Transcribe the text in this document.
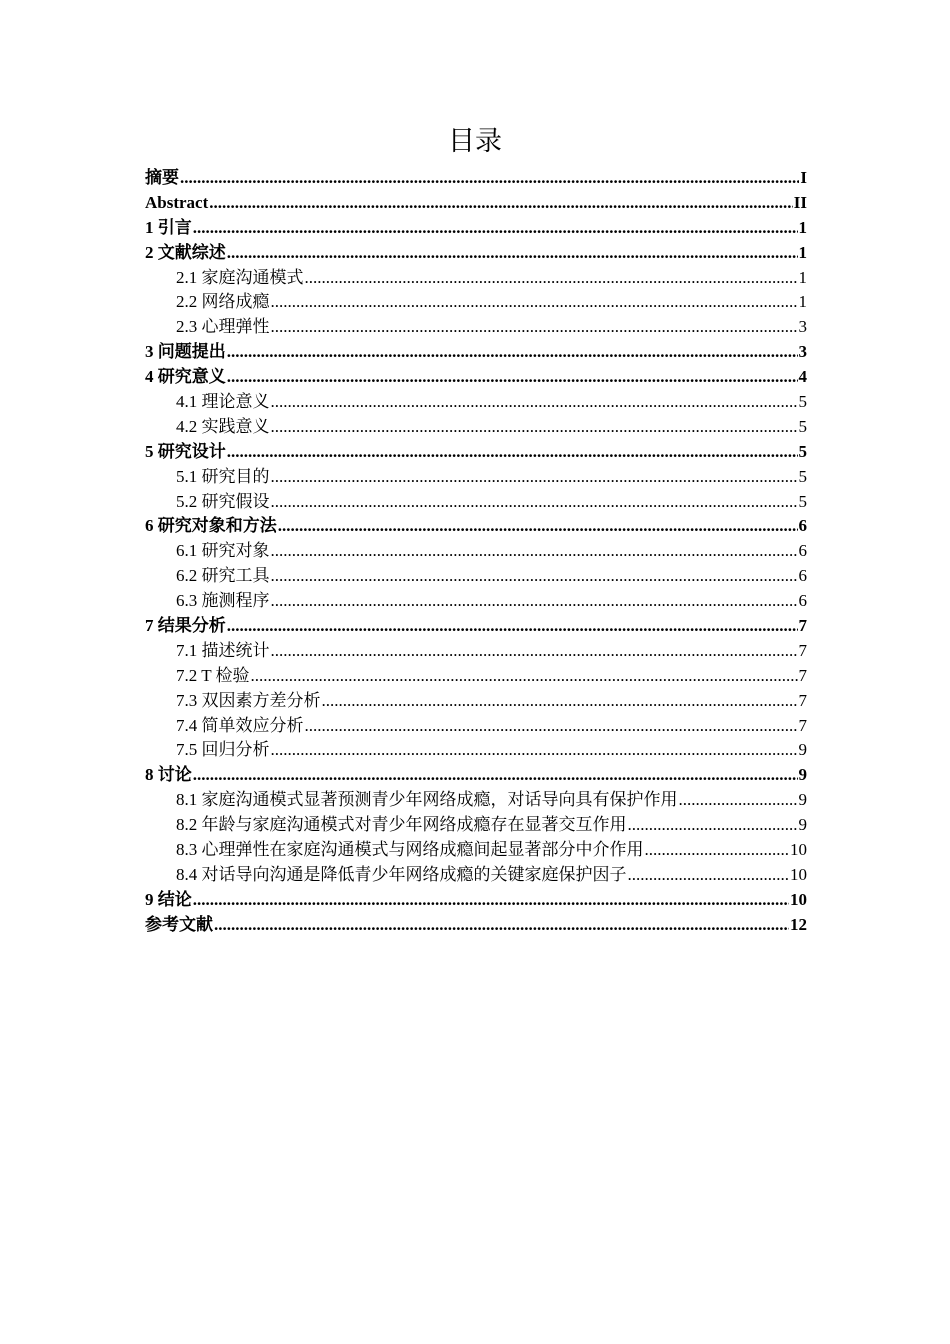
目录
摘要 .....	I
Abstract .....	II
1 引言 .....	1
2 文献综述 .....	1
2.1 家庭沟通模式 .....	1
2.2 网络成瘾 .....	1
2.3 心理弹性 .....	3
3 问题提出 .....	3
4 研究意义 .....	4
4.1 理论意义 .....	5
4.2 实践意义 .....	5
5 研究设计 .....	5
5.1 研究目的 .....	5
5.2 研究假设 .....	5
6 研究对象和方法 .....	6
6.1 研究对象 .....	6
6.2 研究工具 .....	6
6.3 施测程序 .....	6
7 结果分析 .....	7
7.1 描述统计 .....	7
7.2 T 检验 .....	7
7.3 双因素方差分析 .....	7
7.4 简单效应分析 .....	7
7.5 回归分析 .....	9
8 讨论 .....	9
8.1 家庭沟通模式显著预测青少年网络成瘾，对话导向具有保护作用 .....	9
8.2 年龄与家庭沟通模式对青少年网络成瘾存在显著交互作用 .....	9
8.3 心理弹性在家庭沟通模式与网络成瘾间起显著部分中介作用 .....	10
8.4 对话导向沟通是降低青少年网络成瘾的关键家庭保护因子 .....	10
9 结论 .....	10
参考文献 .....	12
